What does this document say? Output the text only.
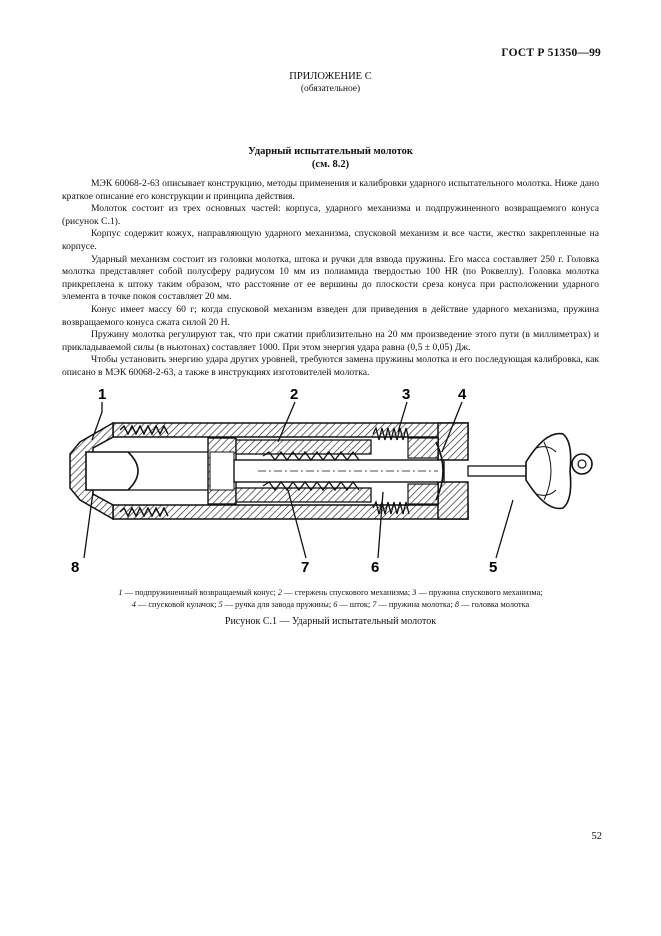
ГОСТ Р 51350—99
ПРИЛОЖЕНИЕ С
(обязательное)
Ударный испытательный молоток
(см. 8.2)

МЭК 60068-2-63 описывает конструкцию, методы применения и калибровки ударного испытательного молотка. Ниже дано краткое описание его конструкции и принципа действия.

Молоток состоит из трех основных частей: корпуса, ударного механизма и подпружиненного возвращаемого конуса (рисунок С.1).

Корпус содержит кожух, направляющую ударного механизма, спусковой механизм и все части, жестко закрепленные на корпусе.

Ударный механизм состоит из головки молотка, штока и ручки для взвода пружины. Его масса составляет 250 г. Головка молотка представляет собой полусферу радиусом 10 мм из полиамида твердостью 100 HR (по Роквеллу). Головка молотка прикреплена к штоку таким образом, что расстояние от ее вершины до плоскости среза конуса при расположении ударного элемента в точке покоя составляет 20 мм.

Конус имеет массу 60 г; когда спусковой механизм взведен для приведения в действие ударного механизма, пружина возвращаемого конуса сжата силой 20 Н.

Пружину молотка регулируют так, что при сжатии приблизительно на 20 мм произведение этого пути (в миллиметрах) и прикладываемой силы (в ньютонах) составляет 1000. При этом энергия удара равна (0,5 ± 0,05) Дж.

Чтобы установить энергию удара других уровней, требуются замена пружины молотка и его последующая калибровка, как описано в МЭК 60068-2-63, а также в инструкциях изготовителей молотка.

1	2	3	4
5
6
7
8
1 — подпружиненный возвращаемый конус; 2 — стержень спускового механизма; 3 — пружина спускового механизма;
4 — спусковой кулачок; 5 — ручка для завода пружины; 6 — шток; 7 — пружина молотка; 8 — головка молотка
Рисунок С.1 — Ударный испытательный молоток
52
